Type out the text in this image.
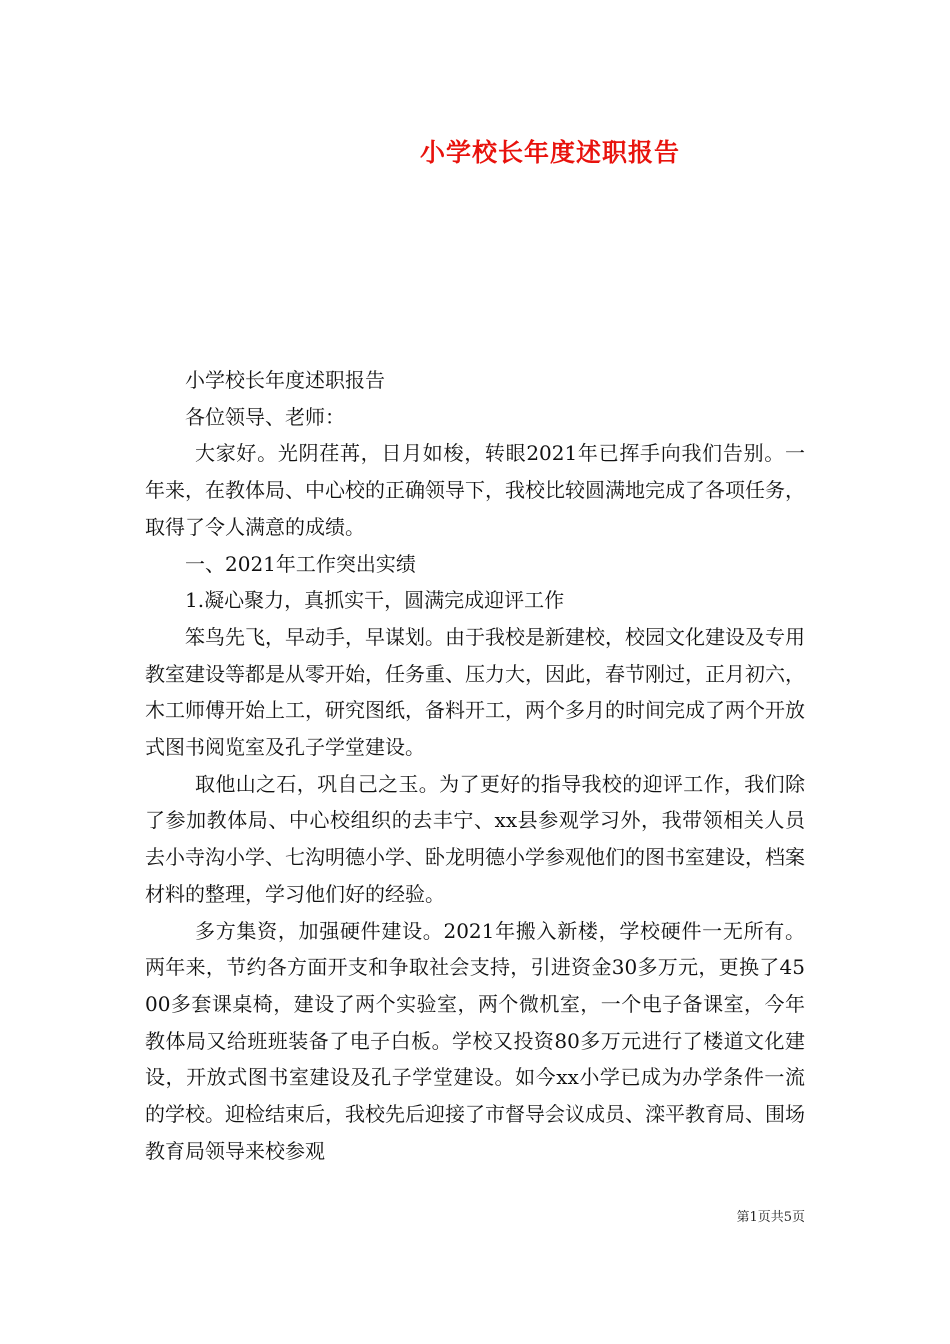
小学校长年度述职报告

小学校长年度述职报告

各位领导、老师：

大家好。光阴荏苒，日月如梭，转眼2021年已挥手向我们告别。一年来，在教体局、中心校的正确领导下，我校比较圆满地完成了各项任务，取得了令人满意的成绩。

一、2021年工作突出实绩

1.凝心聚力，真抓实干，圆满完成迎评工作

笨鸟先飞，早动手，早谋划。由于我校是新建校，校园文化建设及专用教室建设等都是从零开始，任务重、压力大，因此，春节刚过，正月初六，木工师傅开始上工，研究图纸，备料开工，两个多月的时间完成了两个开放式图书阅览室及孔子学堂建设。

取他山之石，巩自己之玉。为了更好的指导我校的迎评工作，我们除了参加教体局、中心校组织的去丰宁、xx县参观学习外，我带领相关人员去小寺沟小学、七沟明德小学、卧龙明德小学参观他们的图书室建设，档案材料的整理，学习他们好的经验。

多方集资，加强硬件建设。2021年搬入新楼，学校硬件一无所有。两年来，节约各方面开支和争取社会支持，引进资金30多万元，更换了4500多套课桌椅，建设了两个实验室，两个微机室，一个电子备课室，今年教体局又给班班装备了电子白板。学校又投资80多万元进行了楼道文化建设，开放式图书室建设及孔子学堂建设。如今xx小学已成为办学条件一流的学校。迎检结束后，我校先后迎接了市督导会议成员、滦平教育局、围场教育局领导来校参观

第1页共5页
